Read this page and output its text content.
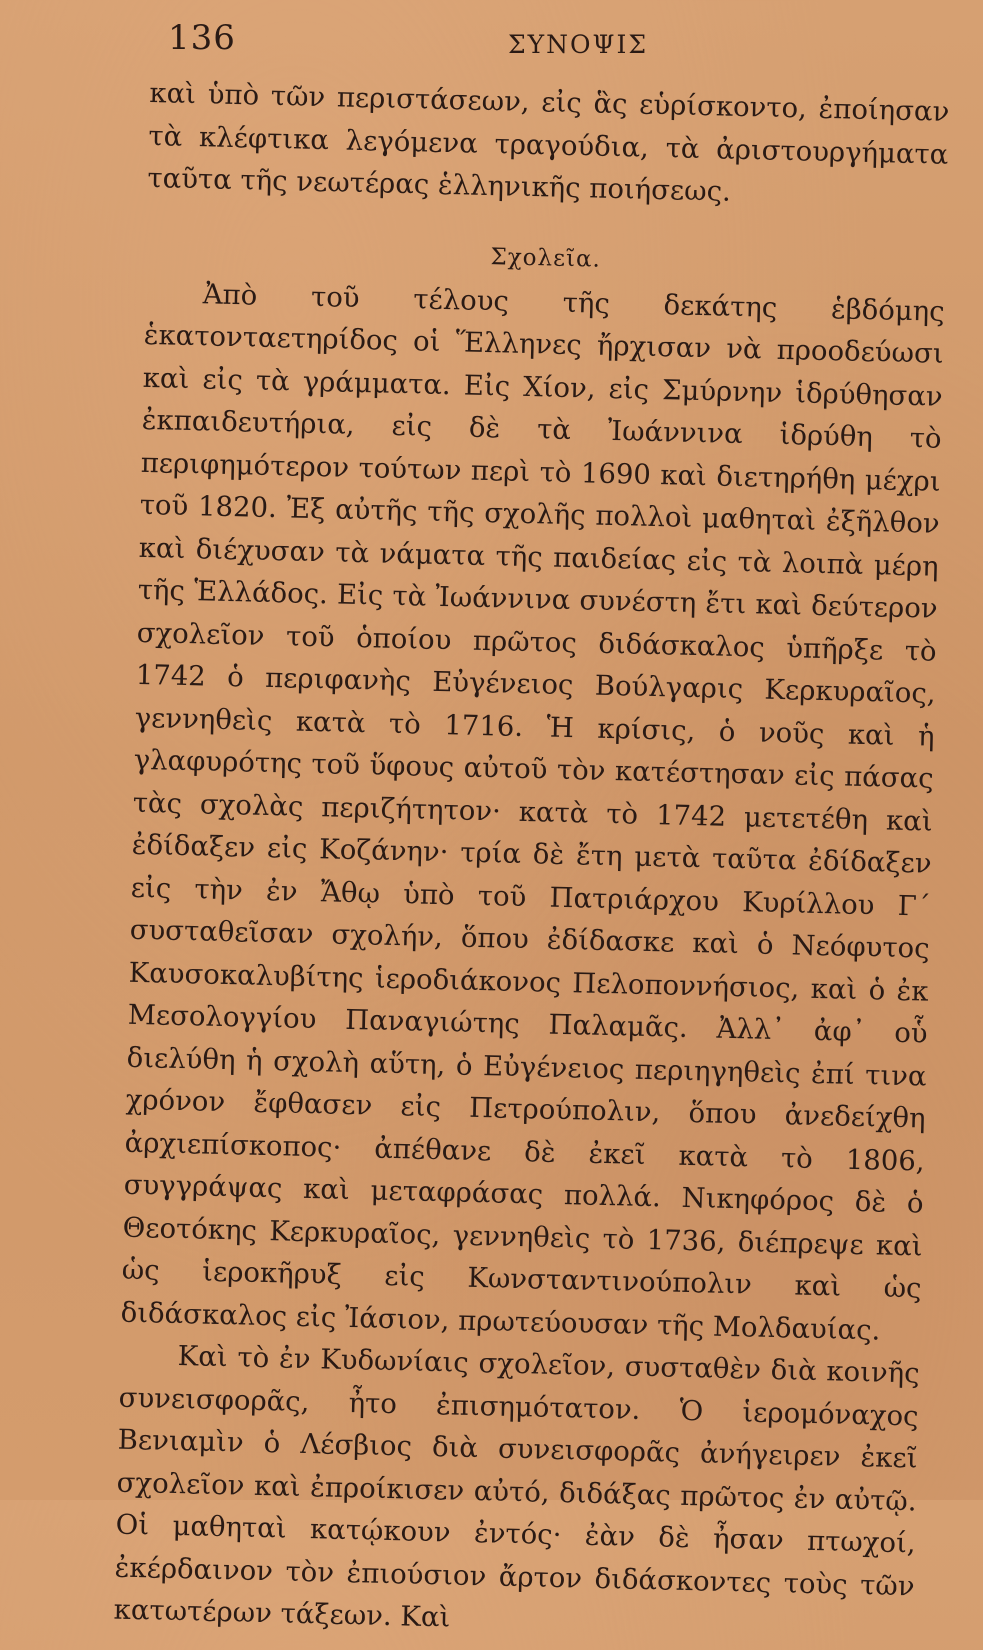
136	ΣΥΝΟΨΙΣ

καὶ ὑπὸ τῶν περιστάσεων, εἰς ἃς εὑρίσκοντο, ἐποίησαν τὰ κλέφτικα λεγόμενα τραγούδια, τὰ ἀριστουργήματα ταῦτα τῆς νεωτέρας ἑλληνικῆς ποιήσεως.

Σχολεῖα.

Ἀπὸ τοῦ τέλους τῆς δεκάτης ἑβδόμης ἑκατονταετηρίδος οἱ Ἕλληνες ἤρχισαν νὰ προοδεύωσι καὶ εἰς τὰ γράμματα. Εἰς Χίον, εἰς Σμύρνην ἱδρύθησαν ἐκπαιδευτήρια, εἰς δὲ τὰ Ἰωάννινα ἱδρύθη τὸ περιφημότερον τούτων περὶ τὸ 1690 καὶ διετηρήθη μέχρι τοῦ 1820. Ἐξ αὐτῆς τῆς σχολῆς πολλοὶ μαθηταὶ ἐξῆλθον καὶ διέχυσαν τὰ νάματα τῆς παιδείας εἰς τὰ λοιπὰ μέρη τῆς Ἑλλάδος. Εἰς τὰ Ἰωάννινα συνέστη ἔτι καὶ δεύτερον σχολεῖον τοῦ ὁποίου πρῶτος διδάσκαλος ὑπῆρξε τὸ 1742 ὁ περιφανὴς Εὐγένειος Βούλγαρις Κερκυραῖος, γεννηθεὶς κατὰ τὸ 1716. Ἡ κρίσις, ὁ νοῦς καὶ ἡ γλαφυρότης τοῦ ὕφους αὐτοῦ τὸν κατέστησαν εἰς πάσας τὰς σχολὰς περιζήτητον· κατὰ τὸ 1742 μετετέθη καὶ ἐδίδαξεν εἰς Κοζάνην· τρία δὲ ἔτη μετὰ ταῦτα ἐδίδαξεν εἰς τὴν ἐν Ἄθῳ ὑπὸ τοῦ Πατριάρχου Κυρίλλου Γ΄ συσταθεῖσαν σχολήν, ὅπου ἐδίδασκε καὶ ὁ Νεόφυτος Καυσοκαλυβίτης ἱεροδιάκονος Πελοποννήσιος, καὶ ὁ ἐκ Μεσολογγίου Παναγιώτης Παλαμᾶς. Ἀλλ᾽ ἀφ᾽ οὗ διελύθη ἡ σχολὴ αὕτη, ὁ Εὐγένειος περιηγηθεὶς ἐπί τινα χρόνον ἔφθασεν εἰς Πετρούπολιν, ὅπου ἀνεδείχθη ἀρχιεπίσκοπος· ἀπέθανε δὲ ἐκεῖ κατὰ τὸ 1806, συγγράψας καὶ μεταφράσας πολλά. Νικηφόρος δὲ ὁ Θεοτόκης Κερκυραῖος, γεννηθεὶς τὸ 1736, διέπρεψε καὶ ὡς ἱεροκῆρυξ εἰς Κωνσταντινούπολιν καὶ ὡς διδάσκαλος εἰς Ἰάσιον, πρωτεύουσαν τῆς Μολδαυίας.

Καὶ τὸ ἐν Κυδωνίαις σχολεῖον, συσταθὲν διὰ κοινῆς συνεισφορᾶς, ἦτο ἐπισημότατον. Ὁ ἱερομόναχος Βενιαμὶν ὁ Λέσβιος διὰ συνεισφορᾶς ἀνήγειρεν ἐκεῖ σχολεῖον καὶ ἐπροίκισεν αὐτό, διδάξας πρῶτος ἐν αὐτῷ. Οἱ μαθηταὶ κατῴκουν ἐντός· ἐὰν δὲ ἦσαν πτωχοί, ἐκέρδαινον τὸν ἐπιούσιον ἄρτον διδάσκοντες τοὺς τῶν κατωτέρων τάξεων. Καὶ
